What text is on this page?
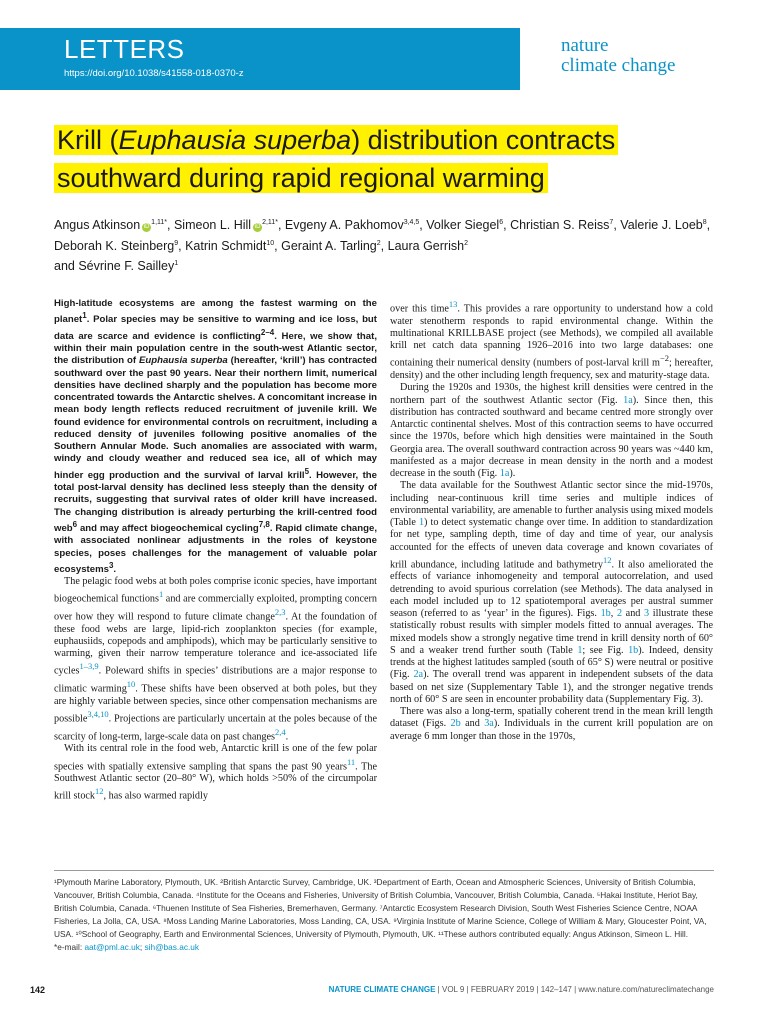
LETTERS
https://doi.org/10.1038/s41558-018-0370-z
nature
climate change
Krill (Euphausia superba) distribution contracts
southward during rapid regional warming
Angus Atkinson $iD^{1,11*}$, Simeon L. Hill $iD^{2,11*}$, Evgeny A. Pakhomov$^{3,4,5}$, Volker Siegel$^6$, Christian S. Reiss$^7$, Valerie J. Loeb$^8$, Deborah K. Steinberg$^9$, Katrin Schmidt$^{10}$, Geraint A. Tarling$^2$, Laura Gerrish$^2$
and Sévrine F. Sailley$^1$

High-latitude ecosystems are among the fastest warming on the planet$^1$. Polar species may be sensitive to warming and ice loss, but data are scarce and evidence is conflicting$^{2-4}$. Here, we show that, within their main population centre in the south-west Atlantic sector, the distribution of Euphausia superba (hereafter, ‘krill’) has contracted southward over the past 90 years. Near their northern limit, numerical densities have declined sharply and the population has become more concentrated towards the Antarctic shelves. A concomitant increase in mean body length reflects reduced recruitment of juvenile krill. We found evidence for environmental controls on recruitment, including a reduced density of juveniles following positive anomalies of the Southern Annular Mode. Such anomalies are associated with warm, windy and cloudy weather and reduced sea ice, all of which may hinder egg production and the survival of larval krill$^5$. However, the total post-larval density has declined less steeply than the density of recruits, suggesting that survival rates of older krill have increased. The changing distribution is already perturbing the krill-centred food web$^6$ and may affect biogeochemical cycling$^{7,8}$. Rapid climate change, with associated nonlinear adjustments in the roles of keystone species, poses challenges for the management of valuable polar ecosystems$^3$.

The pelagic food webs at both poles comprise iconic species, have important biogeochemical functions$^1$ and are commercially exploited, prompting concern over how they will respond to future climate change$^{2,3}$. At the foundation of these food webs are large, lipid-rich zooplankton species (for example, euphausiids, copepods and amphipods), which may be particularly sensitive to warming, given their narrow temperature tolerance and ice-associated life cycles$^{1-3,9}$. Poleward shifts in species’ distributions are a major response to climatic warming$^{10}$. These shifts have been observed at both poles, but they are highly variable between species, since other compensation mechanisms are possible$^{3,4,10}$. Projections are particularly uncertain at the poles because of the scarcity of long-term, large-scale data on past changes$^{2,4}$.

With its central role in the food web, Antarctic krill is one of the few polar species with spatially extensive sampling that spans the past 90 years$^{11}$. The Southwest Atlantic sector (20–80° W), which holds >50% of the circumpolar krill stock$^{12}$, has also warmed rapidly

over this time$^{13}$. This provides a rare opportunity to understand how a cold water stenotherm responds to rapid environmental change. Within the multinational KRILLBASE project (see Methods), we compiled all available krill net catch data spanning 1926–2016 into two large databases: one containing their numerical density (numbers of post-larval krill $m^{-2}$; hereafter, density) and the other including length frequency, sex and maturity-stage data.

During the 1920s and 1930s, the highest krill densities were centred in the northern part of the southwest Atlantic sector (Fig. 1a). Since then, this distribution has contracted southward and became centred more strongly over Antarctic continental shelves. Most of this contraction seems to have occurred since the 1970s, before which high densities were maintained in the South Georgia area. The overall southward contraction across 90 years was ~440 km, manifested as a major decrease in mean density in the north and a modest decrease in the south (Fig. 1a).

The data available for the Southwest Atlantic sector since the mid-1970s, including near-continuous krill time series and multiple indices of environmental variability, are amenable to further analysis using mixed models (Table 1) to detect systematic change over time. In addition to standardization for net type, sampling depth, time of day and time of year, our analysis accounted for the effects of uneven data coverage and known covariates of krill abundance, including latitude and bathymetry$^{12}$. It also ameliorated the effects of variance inhomogeneity and temporal autocorrelation, and used detrending to avoid spurious correlation (see Methods). The data analysed in each model included up to 12 spatiotemporal averages per austral summer season (referred to as ‘year’ in the figures). Figs. 1b, 2 and 3 illustrate these statistically robust results with simpler models fitted to annual averages. The mixed models show a strongly negative time trend in krill density north of 60° S and a weaker trend further south (Table 1; see Fig. 1b). Indeed, density trends at the highest latitudes sampled (south of 65° S) were neutral or positive (Fig. 2a). The overall trend was apparent in independent subsets of the data based on net size (Supplementary Table 1), and the stronger negative trends north of 60° S are seen in encounter probability data (Supplementary Fig. 3).

There was also a long-term, spatially coherent trend in the mean krill length dataset (Figs. 2b and 3a). Individuals in the current krill population are on average 6 mm longer than those in the 1970s,

¹Plymouth Marine Laboratory, Plymouth, UK. ²British Antarctic Survey, Cambridge, UK. ³Department of Earth, Ocean and Atmospheric Sciences, University of British Columbia, Vancouver, British Columbia, Canada. ⁴Institute for the Oceans and Fisheries, University of British Columbia, Vancouver, British Columbia, Canada. ⁵Hakai Institute, Heriot Bay, British Columbia, Canada. ⁶Thuenen Institute of Sea Fisheries, Bremerhaven, Germany. ⁷Antarctic Ecosystem Research Division, South West Fisheries Science Centre, NOAA Fisheries, La Jolla, CA, USA. ⁸Moss Landing Marine Laboratories, Moss Landing, CA, USA. ⁹Virginia Institute of Marine Science, College of William & Mary, Gloucester Point, VA, USA. ¹⁰School of Geography, Earth and Environmental Sciences, University of Plymouth, Plymouth, UK. ¹¹These authors contributed equally: Angus Atkinson, Simeon L. Hill.
*e-mail: aat@pml.ac.uk; sih@bas.ac.uk
142	NATURE CLIMATE CHANGE | VOL 9 | FEBRUARY 2019 | 142–147 | www.nature.com/natureclimatechange
